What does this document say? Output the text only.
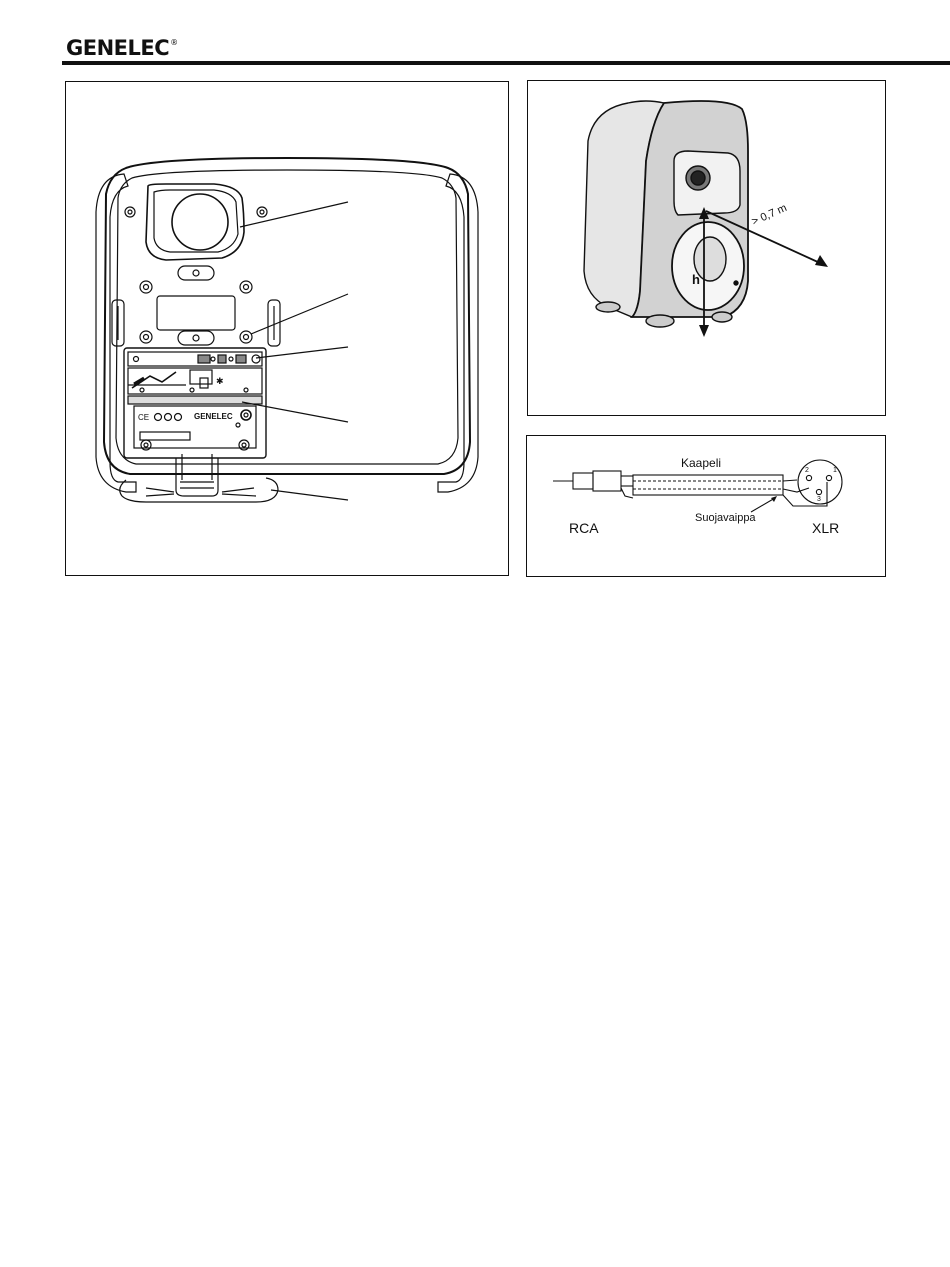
GENELEC®
✱
CE	GENELEC
h
> 0,7 m
Kaapeli
Suojavaippa
RCA	XLR
1
2
3
